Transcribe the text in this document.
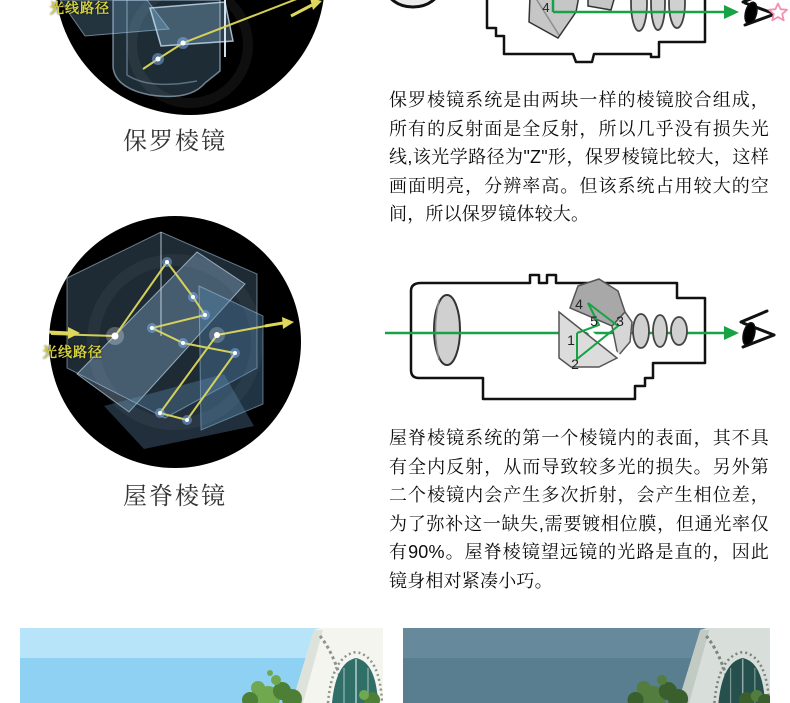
光线路径
保罗棱镜
4
保罗棱镜系统是由两块一样的棱镜胶合组成，所有的反射面是全反射，所以几乎没有损失光线,该光学路径为"Z"形，保罗棱镜比较大，这样画面明亮，分辨率高。但该系统占用较大的空间，所以保罗镜体较大。
光线路径
屋脊棱镜
4
5 3
1
2
屋脊棱镜系统的第一个棱镜内的表面，其不具有全内反射，从而导致较多光的损失。另外第二个棱镜内会产生多次折射，会产生相位差，为了弥补这一缺失,需要镀相位膜，但通光率仅有90%。屋脊棱镜望远镜的光路是直的，因此镜身相对紧凑小巧。
